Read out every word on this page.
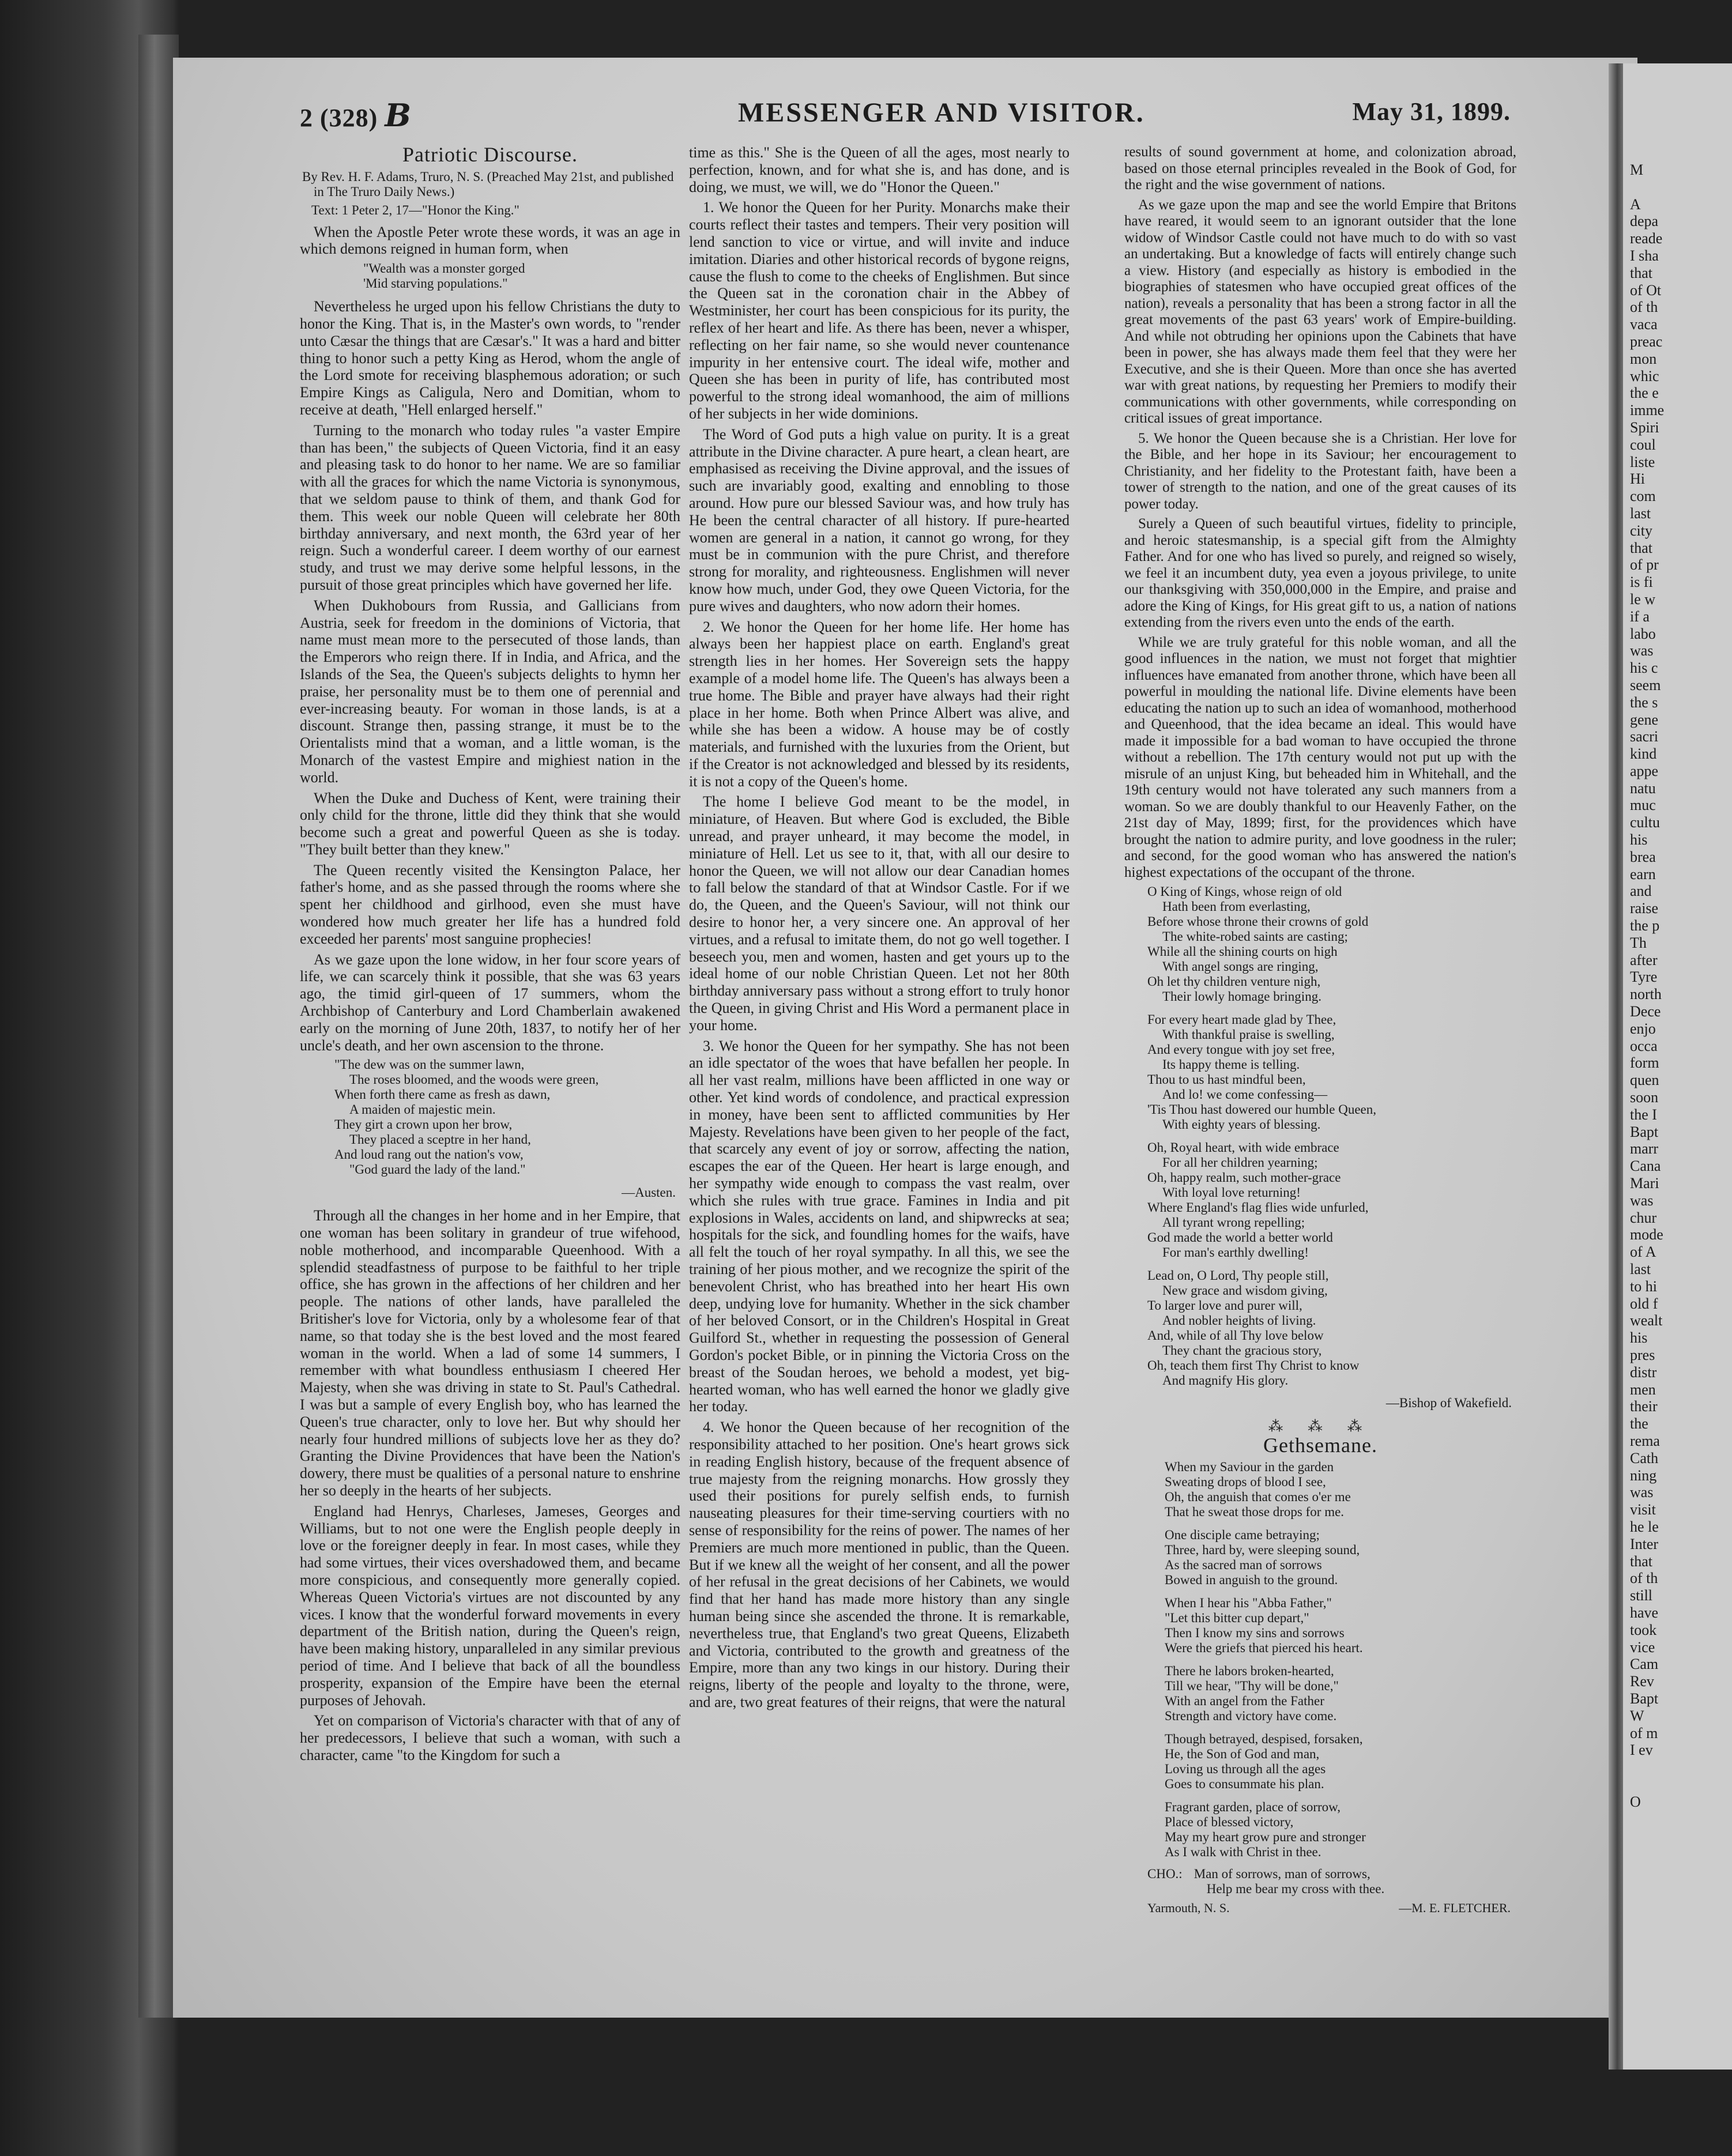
M
A
depa
reade
I sha
that
of Ot
of th
vaca
preac
mon
whic
the e
imme
Spiri
coul
liste
Hi
com
last
city
that
of pr
is fi
le w
if a
labo
was
his c
seem
the s
gene
sacri
kind
appe
natu
muc
cultu
his
brea
earn
and
raise
the p
Th
after
Tyre
north
Dece
enjo
occa
form
quen
soon
the I
Bapt
marr
Cana
Mari
was
chur
mode
of A
last
to hi
old f
wealt
his
pres
distr
men
their
the
rema
Cath
ning
was
visit
he le
Inter
that
of th
still
have
took
vice
Cam
Rev
Bapt
W
of m
I ev
O
2 (328) B	MESSENGER AND VISITOR.	May 31, 1899.
Patriotic Discourse.
By Rev. H. F. Adams, Truro, N. S. (Preached May 21st, and published in The Truro Daily News.)
Text: 1 Peter 2, 17—"Honor the King."

When the Apostle Peter wrote these words, it was an age in which demons reigned in human form, when

"Wealth was a monster gorged
'Mid starving populations."

Nevertheless he urged upon his fellow Christians the duty to honor the King. That is, in the Master's own words, to "render unto Cæsar the things that are Cæsar's." It was a hard and bitter thing to honor such a petty King as Herod, whom the angle of the Lord smote for receiving blasphemous adoration; or such Empire Kings as Caligula, Nero and Domitian, whom to receive at death, "Hell enlarged herself."

Turning to the monarch who today rules "a vaster Empire than has been," the subjects of Queen Victoria, find it an easy and pleasing task to do honor to her name. We are so familiar with all the graces for which the name Victoria is synonymous, that we seldom pause to think of them, and thank God for them. This week our noble Queen will celebrate her 80th birthday anniversary, and next month, the 63rd year of her reign. Such a wonderful career. I deem worthy of our earnest study, and trust we may derive some helpful lessons, in the pursuit of those great principles which have governed her life.

When Dukhobours from Russia, and Gallicians from Austria, seek for freedom in the dominions of Victoria, that name must mean more to the persecuted of those lands, than the Emperors who reign there. If in India, and Africa, and the Islands of the Sea, the Queen's subjects delights to hymn her praise, her personality must be to them one of perennial and ever-increasing beauty. For woman in those lands, is at a discount. Strange then, passing strange, it must be to the Orientalists mind that a woman, and a little woman, is the Monarch of the vastest Empire and mighiest nation in the world.

When the Duke and Duchess of Kent, were training their only child for the throne, little did they think that she would become such a great and powerful Queen as she is today. "They built better than they knew."

The Queen recently visited the Kensington Palace, her father's home, and as she passed through the rooms where she spent her childhood and girlhood, even she must have wondered how much greater her life has a hundred fold exceeded her parents' most sanguine prophecies!

As we gaze upon the lone widow, in her four score years of life, we can scarcely think it possible, that she was 63 years ago, the timid girl-queen of 17 summers, whom the Archbishop of Canterbury and Lord Chamberlain awakened early on the morning of June 20th, 1837, to notify her of her uncle's death, and her own ascension to the throne.

"The dew was on the summer lawn,
The roses bloomed, and the woods were green,
When forth there came as fresh as dawn,
A maiden of majestic mein.
They girt a crown upon her brow,
They placed a sceptre in her hand,
And loud rang out the nation's vow,
"God guard the lady of the land."
—Austen.

Through all the changes in her home and in her Empire, that one woman has been solitary in grandeur of true wifehood, noble motherhood, and incomparable Queenhood. With a splendid steadfastness of purpose to be faithful to her triple office, she has grown in the affections of her children and her people. The nations of other lands, have paralleled the Britisher's love for Victoria, only by a wholesome fear of that name, so that today she is the best loved and the most feared woman in the world. When a lad of some 14 summers, I remember with what boundless enthusiasm I cheered Her Majesty, when she was driving in state to St. Paul's Cathedral. I was but a sample of every English boy, who has learned the Queen's true character, only to love her. But why should her nearly four hundred millions of subjects love her as they do? Granting the Divine Providences that have been the Nation's dowery, there must be qualities of a personal nature to enshrine her so deeply in the hearts of her subjects.

England had Henrys, Charleses, Jameses, Georges and Williams, but to not one were the English people deeply in love or the foreigner deeply in fear. In most cases, while they had some virtues, their vices overshadowed them, and became more conspicious, and consequently more generally copied. Whereas Queen Victoria's virtues are not discounted by any vices. I know that the wonderful forward movements in every department of the British nation, during the Queen's reign, have been making history, unparalleled in any similar previous period of time. And I believe that back of all the boundless prosperity, expansion of the Empire have been the eternal purposes of Jehovah.

Yet on comparison of Victoria's character with that of any of her predecessors, I believe that such a woman, with such a character, came "to the Kingdom for such a

time as this." She is the Queen of all the ages, most nearly to perfection, known, and for what she is, and has done, and is doing, we must, we will, we do "Honor the Queen."

1. We honor the Queen for her Purity. Monarchs make their courts reflect their tastes and tempers. Their very position will lend sanction to vice or virtue, and will invite and induce imitation. Diaries and other historical records of bygone reigns, cause the flush to come to the cheeks of Englishmen. But since the Queen sat in the coronation chair in the Abbey of Westminister, her court has been conspicious for its purity, the reflex of her heart and life. As there has been, never a whisper, reflecting on her fair name, so she would never countenance impurity in her entensive court. The ideal wife, mother and Queen she has been in purity of life, has contributed most powerful to the strong ideal womanhood, the aim of millions of her subjects in her wide dominions.

The Word of God puts a high value on purity. It is a great attribute in the Divine character. A pure heart, a clean heart, are emphasised as receiving the Divine approval, and the issues of such are invariably good, exalting and ennobling to those around. How pure our blessed Saviour was, and how truly has He been the central character of all history. If pure-hearted women are general in a nation, it cannot go wrong, for they must be in communion with the pure Christ, and therefore strong for morality, and righteousness. Englishmen will never know how much, under God, they owe Queen Victoria, for the pure wives and daughters, who now adorn their homes.

2. We honor the Queen for her home life. Her home has always been her happiest place on earth. England's great strength lies in her homes. Her Sovereign sets the happy example of a model home life. The Queen's has always been a true home. The Bible and prayer have always had their right place in her home. Both when Prince Albert was alive, and while she has been a widow. A house may be of costly materials, and furnished with the luxuries from the Orient, but if the Creator is not acknowledged and blessed by its residents, it is not a copy of the Queen's home.

The home I believe God meant to be the model, in miniature, of Heaven. But where God is excluded, the Bible unread, and prayer unheard, it may become the model, in miniature of Hell. Let us see to it, that, with all our desire to honor the Queen, we will not allow our dear Canadian homes to fall below the standard of that at Windsor Castle. For if we do, the Queen, and the Queen's Saviour, will not think our desire to honor her, a very sincere one. An approval of her virtues, and a refusal to imitate them, do not go well together. I beseech you, men and women, hasten and get yours up to the ideal home of our noble Christian Queen. Let not her 80th birthday anniversary pass without a strong effort to truly honor the Queen, in giving Christ and His Word a permanent place in your home.

3. We honor the Queen for her sympathy. She has not been an idle spectator of the woes that have befallen her people. In all her vast realm, millions have been afflicted in one way or other. Yet kind words of condolence, and practical expression in money, have been sent to afflicted communities by Her Majesty. Revelations have been given to her people of the fact, that scarcely any event of joy or sorrow, affecting the nation, escapes the ear of the Queen. Her heart is large enough, and her sympathy wide enough to compass the vast realm, over which she rules with true grace. Famines in India and pit explosions in Wales, accidents on land, and shipwrecks at sea; hospitals for the sick, and foundling homes for the waifs, have all felt the touch of her royal sympathy. In all this, we see the training of her pious mother, and we recognize the spirit of the benevolent Christ, who has breathed into her heart His own deep, undying love for humanity. Whether in the sick chamber of her beloved Consort, or in the Children's Hospital in Great Guilford St., whether in requesting the possession of General Gordon's pocket Bible, or in pinning the Victoria Cross on the breast of the Soudan heroes, we behold a modest, yet big-hearted woman, who has well earned the honor we gladly give her today.

4. We honor the Queen because of her recognition of the responsibility attached to her position. One's heart grows sick in reading English history, because of the frequent absence of true majesty from the reigning monarchs. How grossly they used their positions for purely selfish ends, to furnish nauseating pleasures for their time-serving courtiers with no sense of responsibility for the reins of power. The names of her Premiers are much more mentioned in public, than the Queen. But if we knew all the weight of her consent, and all the power of her refusal in the great decisions of her Cabinets, we would find that her hand has made more history than any single human being since she ascended the throne. It is remarkable, nevertheless true, that England's two great Queens, Elizabeth and Victoria, contributed to the growth and greatness of the Empire, more than any two kings in our history. During their reigns, liberty of the people and loyalty to the throne, were, and are, two great features of their reigns, that were the natural

results of sound government at home, and colonization abroad, based on those eternal principles revealed in the Book of God, for the right and the wise government of nations.

As we gaze upon the map and see the world Empire that Britons have reared, it would seem to an ignorant outsider that the lone widow of Windsor Castle could not have much to do with so vast an undertaking. But a knowledge of facts will entirely change such a view. History (and especially as history is embodied in the biographies of statesmen who have occupied great offices of the nation), reveals a personality that has been a strong factor in all the great movements of the past 63 years' work of Empire-building. And while not obtruding her opinions upon the Cabinets that have been in power, she has always made them feel that they were her Executive, and she is their Queen. More than once she has averted war with great nations, by requesting her Premiers to modify their communications with other governments, while corresponding on critical issues of great importance.

5. We honor the Queen because she is a Christian. Her love for the Bible, and her hope in its Saviour; her encouragement to Christianity, and her fidelity to the Protestant faith, have been a tower of strength to the nation, and one of the great causes of its power today.

Surely a Queen of such beautiful virtues, fidelity to principle, and heroic statesmanship, is a special gift from the Almighty Father. And for one who has lived so purely, and reigned so wisely, we feel it an incumbent duty, yea even a joyous privilege, to unite our thanksgiving with 350,000,000 in the Empire, and praise and adore the King of Kings, for His great gift to us, a nation of nations extending from the rivers even unto the ends of the earth.

While we are truly grateful for this noble woman, and all the good influences in the nation, we must not forget that mightier influences have emanated from another throne, which have been all powerful in moulding the national life. Divine elements have been educating the nation up to such an idea of womanhood, motherhood and Queenhood, that the idea became an ideal. This would have made it impossible for a bad woman to have occupied the throne without a rebellion. The 17th century would not put up with the misrule of an unjust King, but beheaded him in Whitehall, and the 19th century would not have tolerated any such manners from a woman. So we are doubly thankful to our Heavenly Father, on the 21st day of May, 1899; first, for the providences which have brought the nation to admire purity, and love goodness in the ruler; and second, for the good woman who has answered the nation's highest expectations of the occupant of the throne.

O King of Kings, whose reign of old
Hath been from everlasting,
Before whose throne their crowns of gold
The white-robed saints are casting;
While all the shining courts on high
With angel songs are ringing,
Oh let thy children venture nigh,
Their lowly homage bringing.
For every heart made glad by Thee,
With thankful praise is swelling,
And every tongue with joy set free,
Its happy theme is telling.
Thou to us hast mindful been,
And lo! we come confessing—
'Tis Thou hast dowered our humble Queen,
With eighty years of blessing.
Oh, Royal heart, with wide embrace
For all her children yearning;
Oh, happy realm, such mother-grace
With loyal love returning!
Where England's flag flies wide unfurled,
All tyrant wrong repelling;
God made the world a better world
For man's earthly dwelling!
Lead on, O Lord, Thy people still,
New grace and wisdom giving,
To larger love and purer will,
And nobler heights of living.
And, while of all Thy love below
They chant the gracious story,
Oh, teach them first Thy Christ to know
And magnify His glory.
—Bishop of Wakefield.
⁂ ⁂ ⁂
Gethsemane.
When my Saviour in the garden
Sweating drops of blood I see,
Oh, the anguish that comes o'er me
That he sweat those drops for me.
One disciple came betraying;
Three, hard by, were sleeping sound,
As the sacred man of sorrows
Bowed in anguish to the ground.
When I hear his "Abba Father,"
"Let this bitter cup depart,"
Then I know my sins and sorrows
Were the griefs that pierced his heart.
There he labors broken-hearted,
Till we hear, "Thy will be done,"
With an angel from the Father
Strength and victory have come.
Though betrayed, despised, forsaken,
He, the Son of God and man,
Loving us through all the ages
Goes to consummate his plan.
Fragrant garden, place of sorrow,
Place of blessed victory,
May my heart grow pure and stronger
As I walk with Christ in thee.
CHO.: Man of sorrows, man of sorrows,
Help me bear my cross with thee.
Yarmouth, N. S.	—M. E. FLETCHER.
